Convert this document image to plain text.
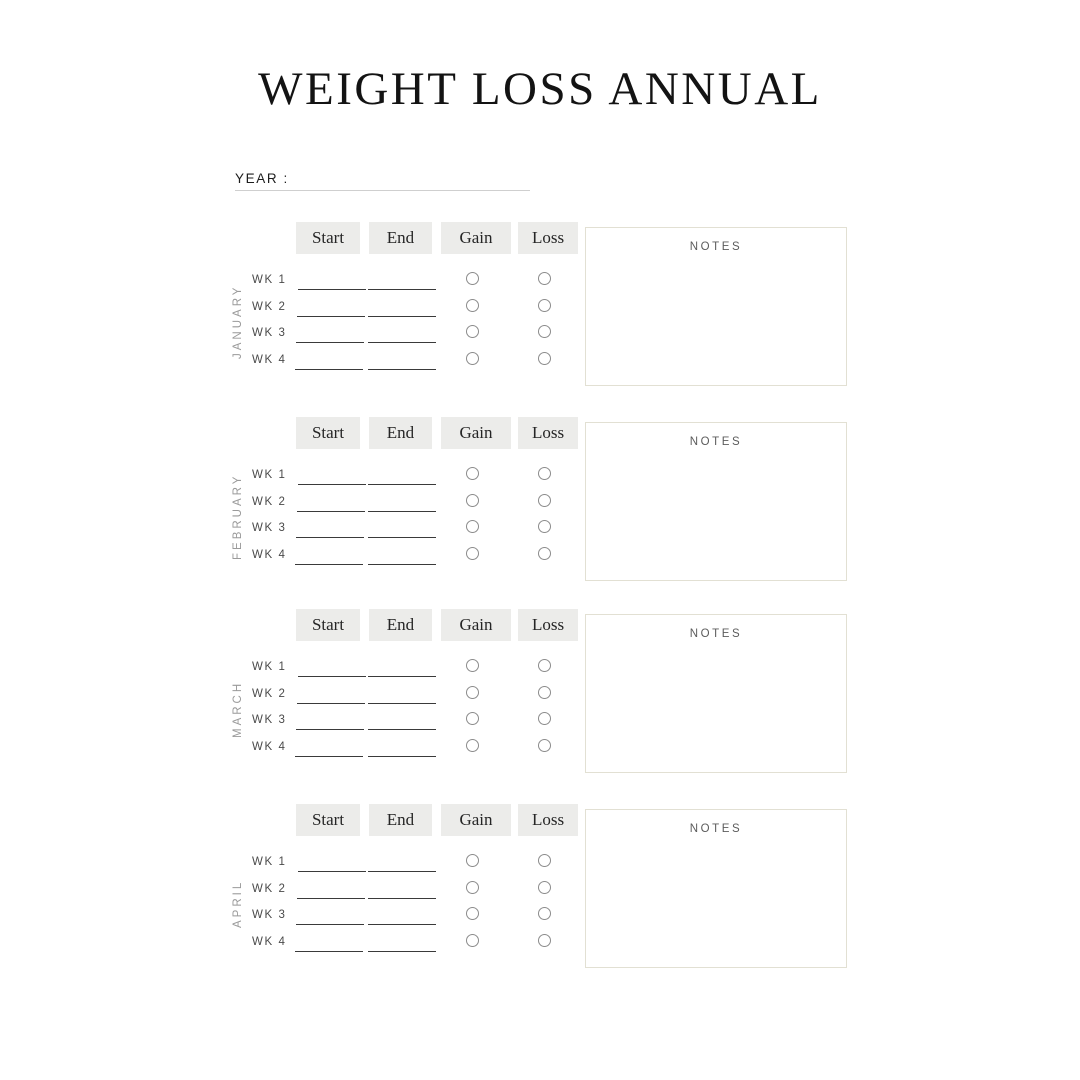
WEIGHT LOSS ANNUAL
YEAR :
JANUARY
Start	End	Gain	Loss
WK 1
WK 2
WK 3
WK 4
NOTES
FEBRUARY
Start	End	Gain	Loss
WK 1
WK 2
WK 3
WK 4
NOTES
MARCH
Start	End	Gain	Loss
WK 1
WK 2
WK 3
WK 4
NOTES
APRIL
Start	End	Gain	Loss
WK 1
WK 2
WK 3
WK 4
NOTES
